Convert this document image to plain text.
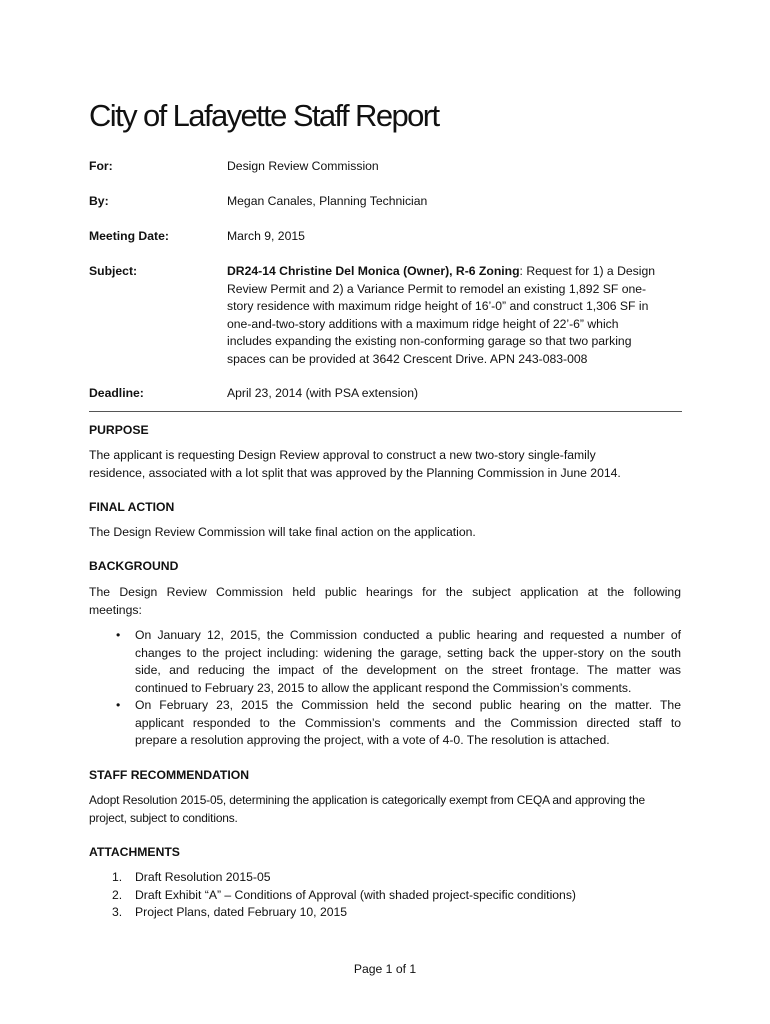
City of Lafayette Staff Report
For:	Design Review Commission
By:	Megan Canales, Planning Technician
Meeting Date:	March 9, 2015
Subject:	DR24-14 Christine Del Monica (Owner), R-6 Zoning: Request for 1) a Design
Review Permit and 2) a Variance Permit to remodel an existing 1,892 SF one-
story residence with maximum ridge height of 16’-0” and construct 1,306 SF in
one-and-two-story additions with a maximum ridge height of 22’-6” which
includes expanding the existing non-conforming garage so that two parking
spaces can be provided at 3642 Crescent Drive. APN 243-083-008
Deadline:	April 23, 2014 (with PSA extension)
PURPOSE
The applicant is requesting Design Review approval to construct a new two-story single-family
residence, associated with a lot split that was approved by the Planning Commission in June 2014.
FINAL ACTION
The Design Review Commission will take final action on the application.
BACKGROUND
The Design Review Commission held public hearings for the subject application at the following
meetings:
• On January 12, 2015, the Commission conducted a public hearing and requested a number of
changes to the project including: widening the garage, setting back the upper-story on the south
side, and reducing the impact of the development on the street frontage. The matter was
continued to February 23, 2015 to allow the applicant respond the Commission’s comments.
• On February 23, 2015 the Commission held the second public hearing on the matter. The
applicant responded to the Commission’s comments and the Commission directed staff to
prepare a resolution approving the project, with a vote of 4-0. The resolution is attached.
STAFF RECOMMENDATION
Adopt Resolution 2015-05, determining the application is categorically exempt from CEQA and approving the
project, subject to conditions.
ATTACHMENTS
1. Draft Resolution 2015-05
2. Draft Exhibit “A” – Conditions of Approval (with shaded project-specific conditions)
3. Project Plans, dated February 10, 2015
Page 1 of 1
